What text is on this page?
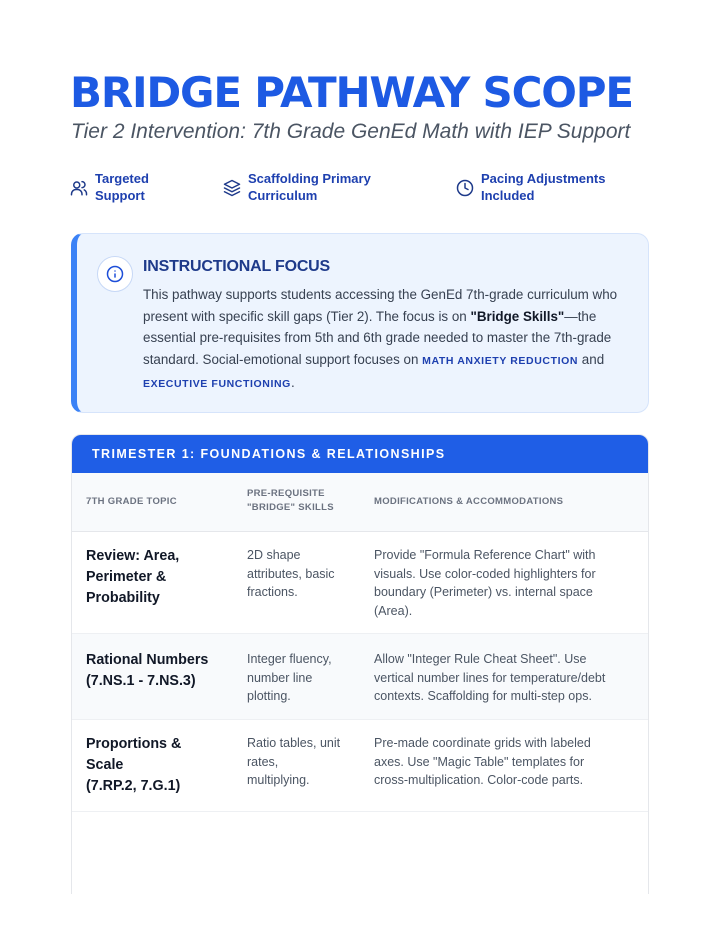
BRIDGE PATHWAY SCOPE
Tier 2 Intervention: 7th Grade GenEd Math with IEP Support
Targeted
Support
Scaffolding Primary
Curriculum
Pacing Adjustments
Included
INSTRUCTIONAL FOCUS

This pathway supports students accessing the GenEd 7th-grade curriculum who present with specific skill gaps (Tier 2). The focus is on "Bridge Skills"—the essential pre-requisites from 5th and 6th grade needed to master the 7th-grade standard. Social-emotional support focuses on MATH ANXIETY REDUCTION and EXECUTIVE FUNCTIONING.

TRIMESTER 1: FOUNDATIONS & RELATIONSHIPS
7TH GRADE TOPIC
PRE-REQUISITE
"BRIDGE" SKILLS
MODIFICATIONS & ACCOMMODATIONS
Review: Area,
Perimeter &
Probability
2D shape
attributes, basic
fractions.
Provide "Formula Reference Chart" with
visuals. Use color-coded highlighters for
boundary (Perimeter) vs. internal space
(Area).
Rational Numbers
(7.NS.1 - 7.NS.3)
Integer fluency,
number line
plotting.
Allow "Integer Rule Cheat Sheet". Use
vertical number lines for temperature/debt
contexts. Scaffolding for multi-step ops.
Proportions &
Scale
(7.RP.2, 7.G.1)
Ratio tables, unit
rates,
multiplying.
Pre-made coordinate grids with labeled
axes. Use "Magic Table" templates for
cross-multiplication. Color-code parts.
